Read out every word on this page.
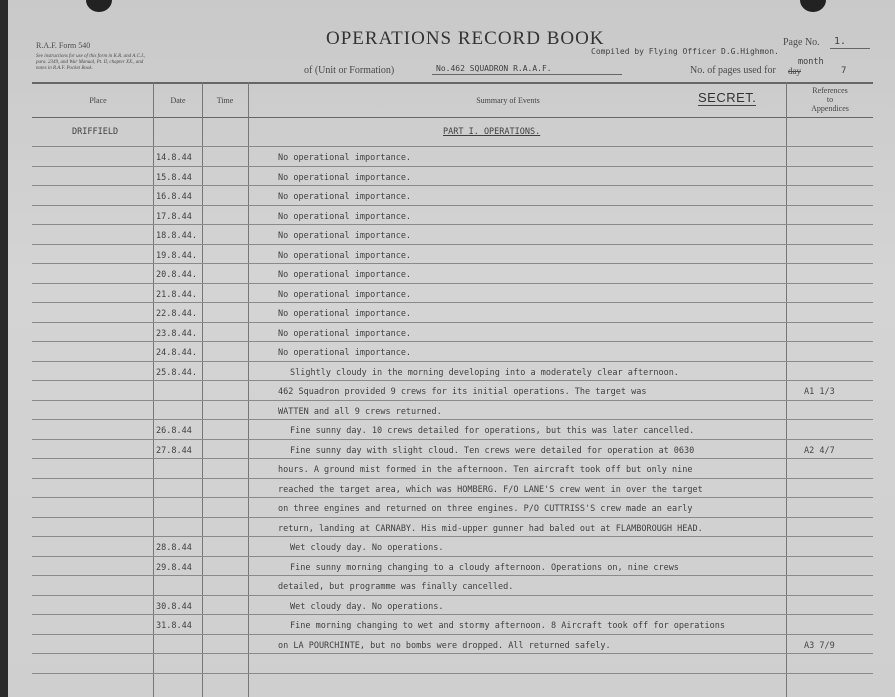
R.A.F. Form 540
See instructions for use of this form in K.R. and A.C.I.,
para. 2349, and War Manual, Pt. II, chapter XX., and
notes in R.A.F. Pocket Book.
OPERATIONS RECORD BOOK
Compiled by Flying Officer D.G.Highmon.
Page No. 1.
of (Unit or Formation)	No.462 SQUADRON R.A.A.F.	No. of pages used for day
month
7
Place	Date	Time	Summary of Events	SECRET.	References
to
Appendices
DRIFFIELD	PART I. OPERATIONS.
14.8.44	No operational importance.
15.8.44	No operational importance.
16.8.44	No operational importance.
17.8.44	No operational importance.
18.8.44.	No operational importance.
19.8.44.	No operational importance.
20.8.44.	No operational importance.
21.8.44.	No operational importance.
22.8.44.	No operational importance.
23.8.44.	No operational importance.
24.8.44.	No operational importance.
25.8.44.	Slightly cloudy in the morning developing into a moderately clear afternoon.
462 Squadron provided 9 crews for its initial operations. The target was	A1 1/3
WATTEN and all 9 crews returned.
26.8.44	Fine sunny day. 10 crews detailed for operations, but this was later cancelled.
27.8.44	Fine sunny day with slight cloud. Ten crews were detailed for operation at 0630	A2 4/7
hours. A ground mist formed in the afternoon. Ten aircraft took off but only nine
reached the target area, which was HOMBERG. F/O LANE'S crew went in over the target
on three engines and returned on three engines. P/O CUTTRISS'S crew made an early
return, landing at CARNABY. His mid-upper gunner had baled out at FLAMBOROUGH HEAD.
28.8.44	Wet cloudy day. No operations.
29.8.44	Fine sunny morning changing to a cloudy afternoon. Operations on, nine crews
detailed, but programme was finally cancelled.
30.8.44	Wet cloudy day. No operations.
31.8.44	Fine morning changing to wet and stormy afternoon. 8 Aircraft took off for operations
on LA POURCHINTE, but no bombs were dropped. All returned safely.	A3 7/9
